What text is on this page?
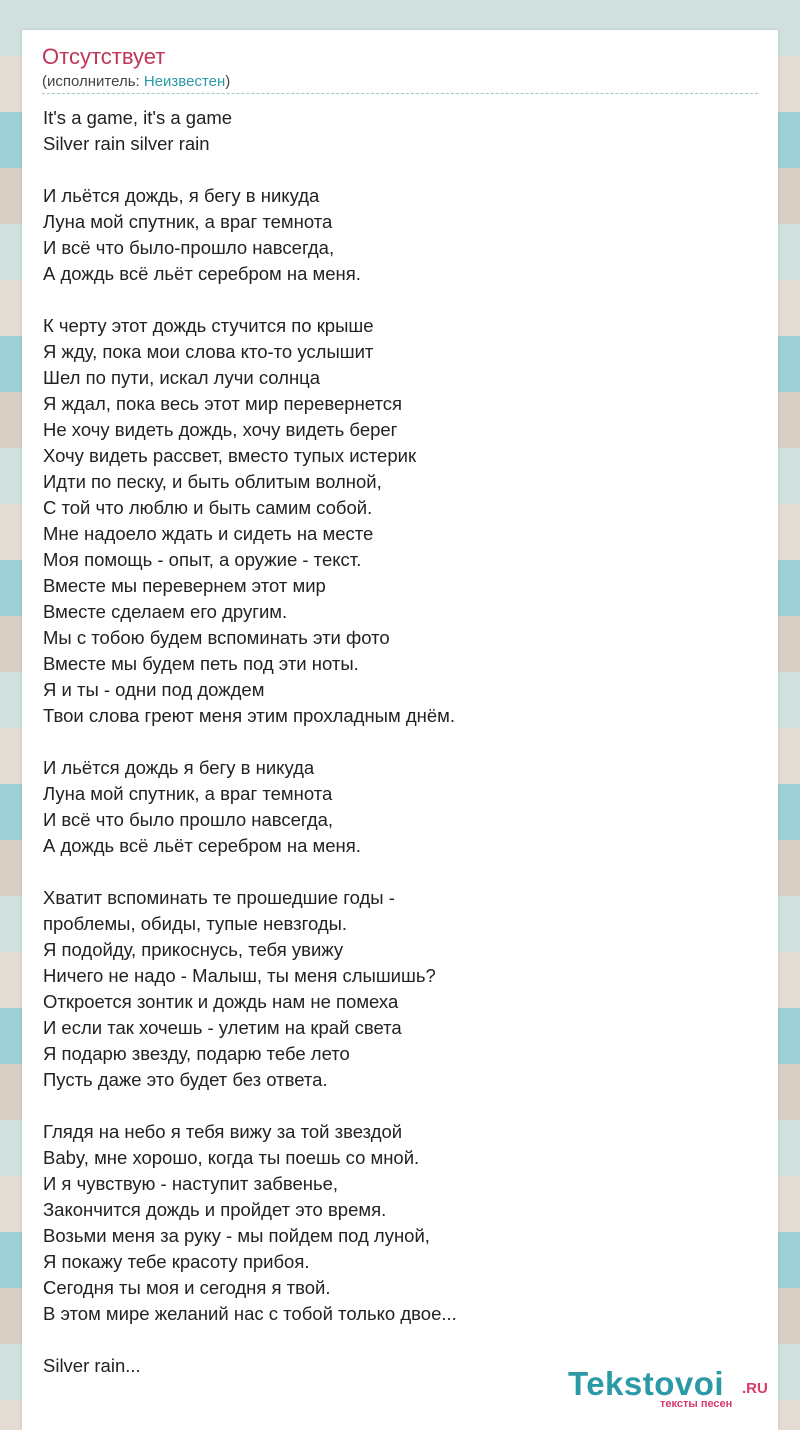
Отсутствует
(исполнитель: Неизвестен)
It's a game, it's a game
Silver rain silver rain
И льётся дождь, я бегу в никуда
Луна мой спутник, а враг темнота
И всё что было-прошло навсегда,
А дождь всё льёт серебром на меня.
К черту этот дождь стучится по крыше
Я жду, пока мои слова кто-то услышит
Шел по пути, искал лучи солнца
Я ждал, пока весь этот мир перевернется
Не хочу видеть дождь, хочу видеть берег
Хочу видеть рассвет, вместо тупых истерик
Идти по песку, и быть облитым волной,
С той что люблю и быть самим собой.
Мне надоело ждать и сидеть на месте
Моя помощь - опыт, а оружие - текст.
Вместе мы перевернем этот мир
Вместе сделаем его другим.
Мы с тобою будем вспоминать эти фото
Вместе мы будем петь под эти ноты.
Я и ты - одни под дождем
Твои слова греют меня этим прохладным днём.
И льётся дождь я бегу в никуда
Луна мой спутник, а враг темнота
И всё что было прошло навсегда,
А дождь всё льёт серебром на меня.
Хватит вспоминать те прошедшие годы -
проблемы, обиды, тупые невзгоды.
Я подойду, прикоснусь, тебя увижу
Ничего не надо - Малыш, ты меня слышишь?
Откроется зонтик и дождь нам не помеха
И если так хочешь - улетим на край света
Я подарю звезду, подарю тебе лето
Пусть даже это будет без ответа.
Глядя на небо я тебя вижу за той звездой
Baby, мне хорошо, когда ты поешь со мной.
И я чувствую - наступит забвенье,
Закончится дождь и пройдет это время.
Возьми меня за руку - мы пойдем под луной,
Я покажу тебе красоту прибоя.
Сегодня ты моя и сегодня я твой.
В этом мире желаний нас с тобой только двое...
Silver rain...	Tekstovoi .RU
тексты песен
